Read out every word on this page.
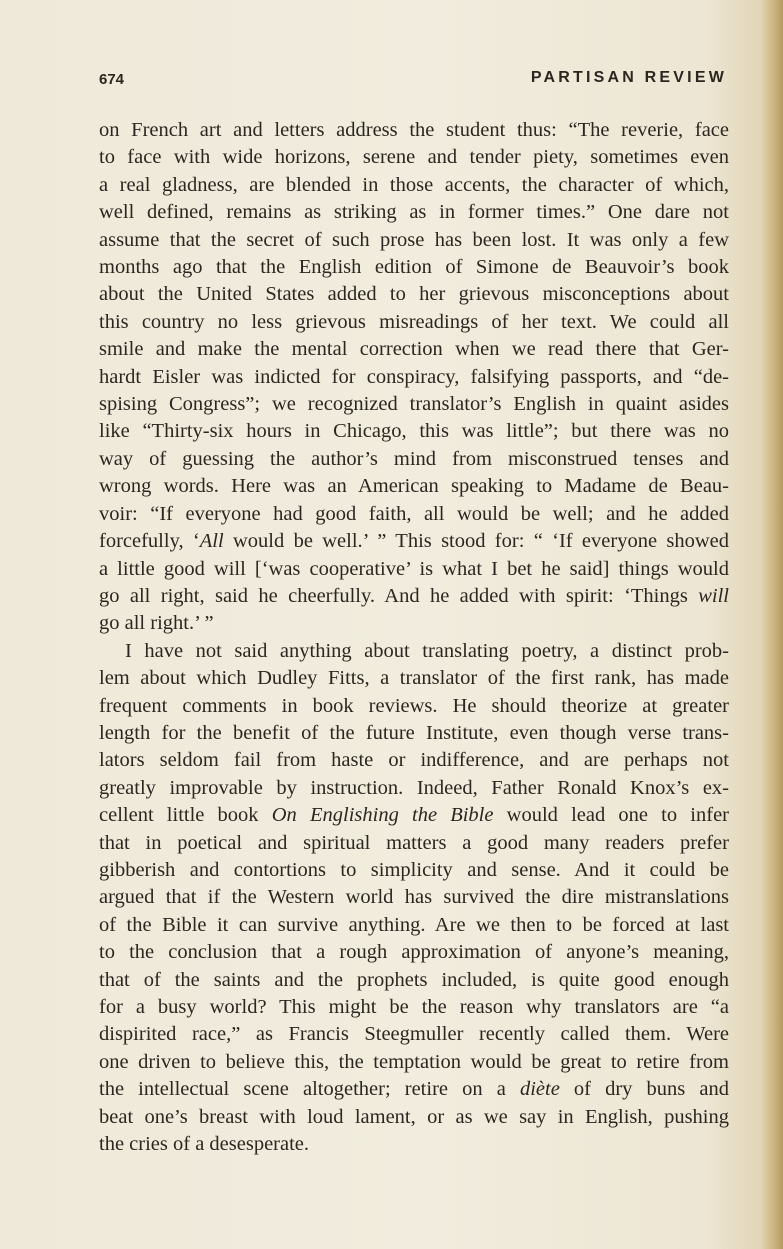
674	PARTISAN REVIEW
on French art and letters address the student thus: “The reverie, face
to face with wide horizons, serene and tender piety, sometimes even
a real gladness, are blended in those accents, the character of which,
well defined, remains as striking as in former times.” One dare not
assume that the secret of such prose has been lost. It was only a few
months ago that the English edition of Simone de Beauvoir’s book
about the United States added to her grievous misconceptions about
this country no less grievous misreadings of her text. We could all
smile and make the mental correction when we read there that Ger-
hardt Eisler was indicted for conspiracy, falsifying passports, and “de-
spising Congress”; we recognized translator’s English in quaint asides
like “Thirty-six hours in Chicago, this was little”; but there was no
way of guessing the author’s mind from misconstrued tenses and
wrong words. Here was an American speaking to Madame de Beau-
voir: “If everyone had good faith, all would be well; and he added
forcefully, ‘All would be well.’ ” This stood for: “ ‘If everyone showed
a little good will [‘was cooperative’ is what I bet he said] things would
go all right, said he cheerfully. And he added with spirit: ‘Things will
go all right.’ ”
I have not said anything about translating poetry, a distinct prob-
lem about which Dudley Fitts, a translator of the first rank, has made
frequent comments in book reviews. He should theorize at greater
length for the benefit of the future Institute, even though verse trans-
lators seldom fail from haste or indifference, and are perhaps not
greatly improvable by instruction. Indeed, Father Ronald Knox’s ex-
cellent little book On Englishing the Bible would lead one to infer
that in poetical and spiritual matters a good many readers prefer
gibberish and contortions to simplicity and sense. And it could be
argued that if the Western world has survived the dire mistranslations
of the Bible it can survive anything. Are we then to be forced at last
to the conclusion that a rough approximation of anyone’s meaning,
that of the saints and the prophets included, is quite good enough
for a busy world? This might be the reason why translators are “a
dispirited race,” as Francis Steegmuller recently called them. Were
one driven to believe this, the temptation would be great to retire from
the intellectual scene altogether; retire on a diète of dry buns and
beat one’s breast with loud lament, or as we say in English, pushing
the cries of a desesperate.
